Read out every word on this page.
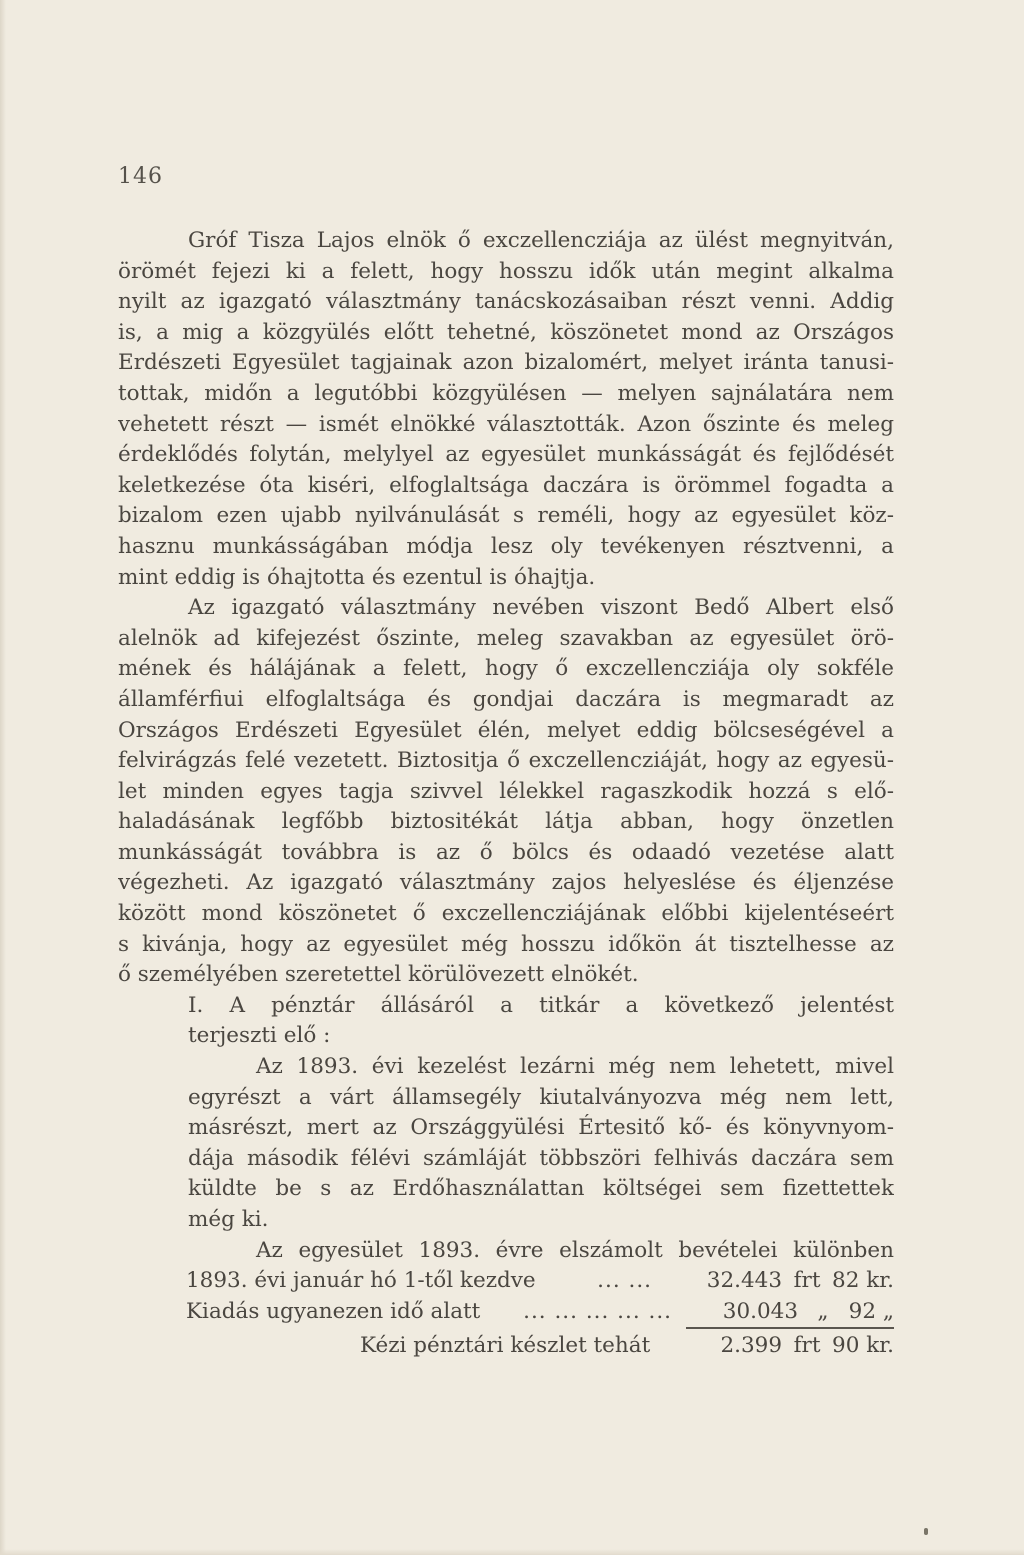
146
Gróf Tisza Lajos elnök ő exczellencziája az ülést megnyitván,
örömét fejezi ki a felett, hogy hosszu idők után megint alkalma
nyilt az igazgató választmány tanácskozásaiban részt venni. Addig
is, a mig a közgyülés előtt tehetné, köszönetet mond az Országos
Erdészeti Egyesület tagjainak azon bizalomért, melyet iránta tanusi-
tottak, midőn a legutóbbi közgyülésen — melyen sajnálatára nem
vehetett részt — ismét elnökké választották. Azon őszinte és meleg
érdeklődés folytán, melylyel az egyesület munkásságát és fejlődését
keletkezése óta kiséri, elfoglaltsága daczára is örömmel fogadta a
bizalom ezen ujabb nyilvánulását s reméli, hogy az egyesület köz-
hasznu munkásságában módja lesz oly tevékenyen résztvenni, a
mint eddig is óhajtotta és ezentul is óhajtja.
Az igazgató választmány nevében viszont Bedő Albert első
alelnök ad kifejezést őszinte, meleg szavakban az egyesület örö-
mének és hálájának a felett, hogy ő exczellencziája oly sokféle
államférfiui elfoglaltsága és gondjai daczára is megmaradt az
Országos Erdészeti Egyesület élén, melyet eddig bölcseségével a
felvirágzás felé vezetett. Biztositja ő exczellencziáját, hogy az egyesü-
let minden egyes tagja szivvel lélekkel ragaszkodik hozzá s elő-
haladásának legfőbb biztositékát látja abban, hogy önzetlen
munkásságát továbbra is az ő bölcs és odaadó vezetése alatt
végezheti. Az igazgató választmány zajos helyeslése és éljenzése
között mond köszönetet ő exczellencziájának előbbi kijelentéseért
s kivánja, hogy az egyesület még hosszu időkön át tisztelhesse az
ő személyében szeretettel körülövezett elnökét.
I. A pénztár állásáról a titkár a következő jelentést
terjeszti elő :
Az 1893. évi kezelést lezárni még nem lehetett, mivel
egyrészt a várt államsegély kiutalványozva még nem lett,
másrészt, mert az Országgyülési Értesitő kő- és könyvnyom-
dája második félévi számláját többszöri felhivás daczára sem
küldte be s az Erdőhasználattan költségei sem fizettettek
még ki.
Az egyesület 1893. évre elszámolt bevételei különben
1893. évi január hó 1-től kezdve	... ...	32.443 frt 82 kr.
Kiadás ugyanezen idő alatt	... ... ... ... ...	30.043 „ 92 „
Kézi pénztári készlet tehát	2.399 frt 90 kr.
